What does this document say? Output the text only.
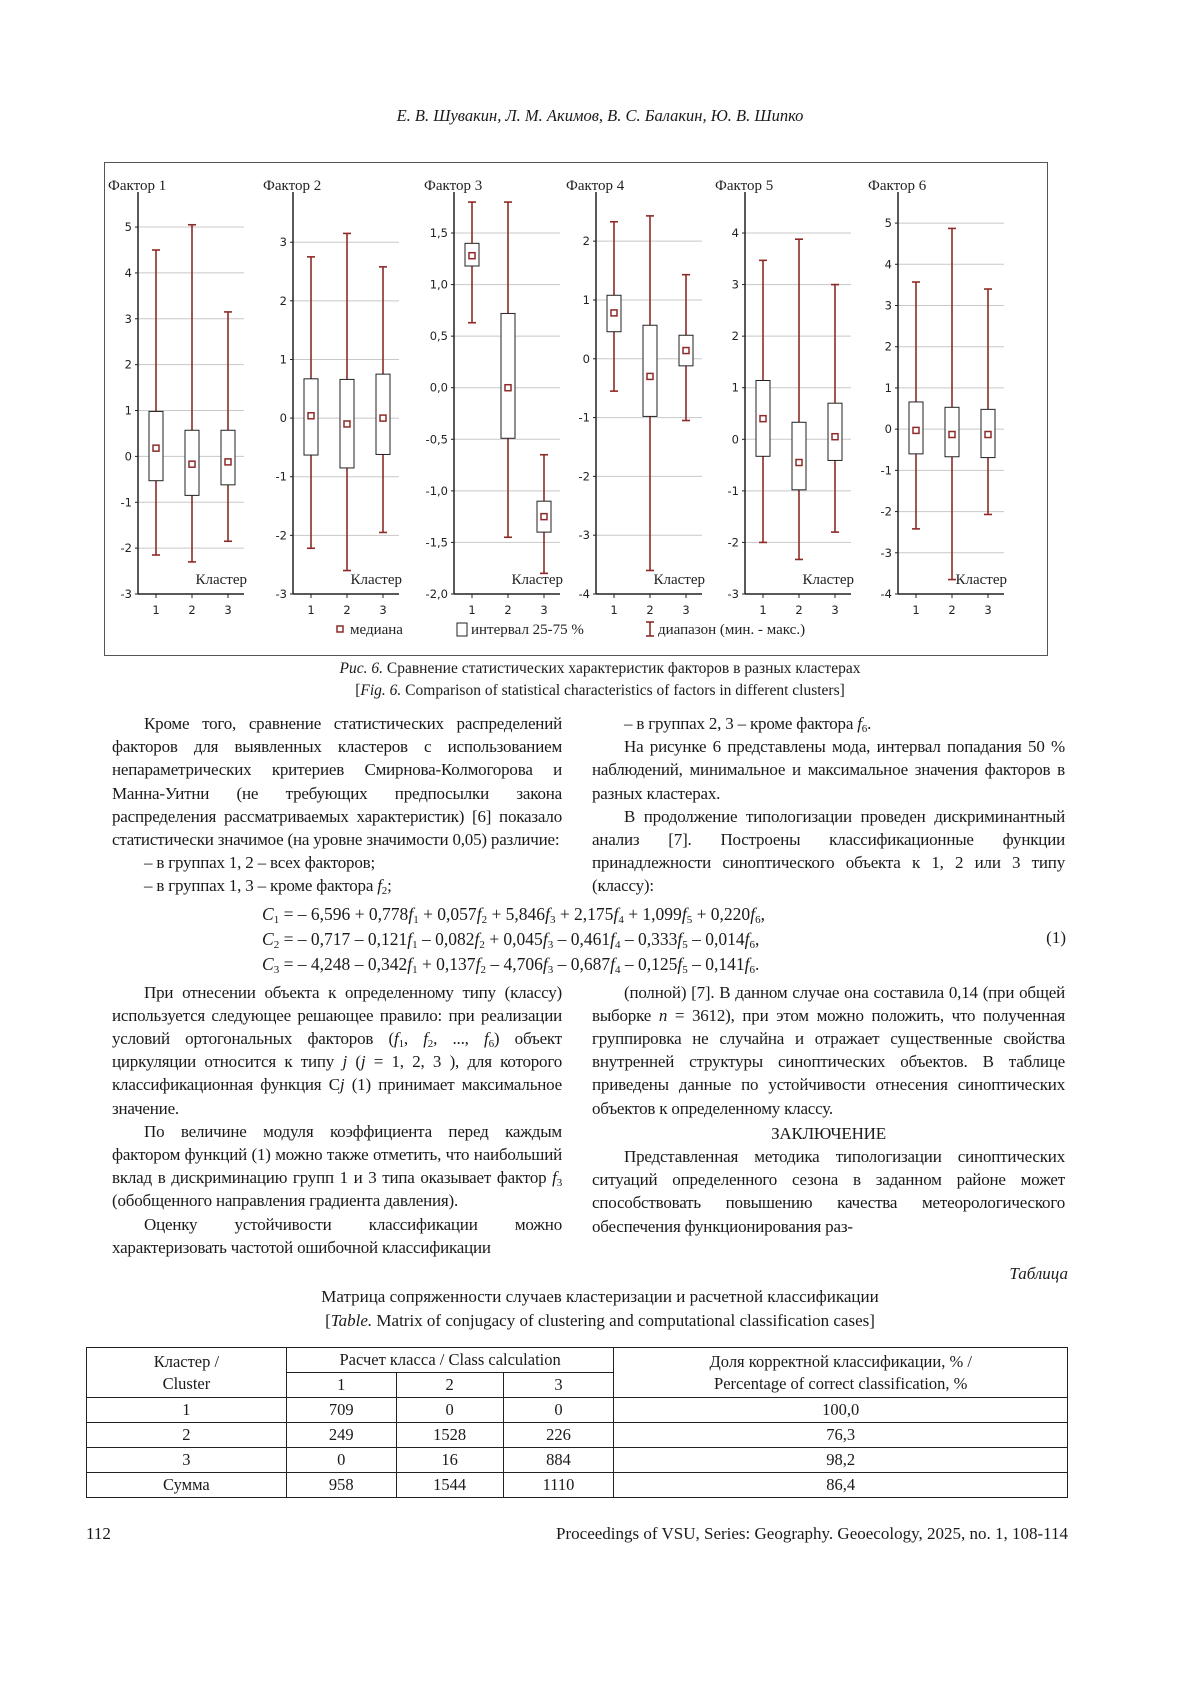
Е. В. Шувакин, Л. М. Акимов, В. С. Балакин, Ю. В. Шипко
Фактор 1
-3
-2
-1
0
1
2
3
4
5
Кластер
1 2 3
Фактор 2
-3
-2
-1
0
1
2
3
Кластер
1 2 3
Фактор 3
-2,0
-1,5
-1,0
-0,5
0,0
0,5
1,0
1,5
Кластер
1 2 3
Фактор 4
-4
-3
-2
-1
0
1
2
Кластер
1 2 3
Фактор 5
-3
-2
-1
0
1
2
3
4
Кластер
1 2 3
Фактор 6
-4
-3
-2
-1
0
1
2
3
4
5
Кластер
1 2 3
медиана	интервал 25-75 %	диапазон (мин. - макс.)
Рис. 6. Сравнение статистических характеристик факторов в разных кластерах
[Fig. 6. Comparison of statistical characteristics of factors in different clusters]

Кроме того, сравнение статистических распределений факторов для выявленных кластеров с использованием непараметрических критериев Смирнова-Колмогорова и Манна-Уитни (не требующих предпосылки закона распределения рассматриваемых характеристик) [6] показало статистически значимое (на уровне значимости 0,05) различие:

– в группах 1, 2 – всех факторов;

– в группах 1, 3 – кроме фактора f2;

– в группах 2, 3 – кроме фактора f6.

На рисунке 6 представлены мода, интервал попадания 50 % наблюдений, минимальное и максимальное значения факторов в разных кластерах.

В продолжение типологизации проведен дискриминантный анализ [7]. Построены классификационные функции принадлежности синоптического объекта к 1, 2 или 3 типу (классу):

C1 = – 6,596 + 0,778f1 + 0,057f2 + 5,846f3 + 2,175f4 + 1,099f5 + 0,220f6,
C2 = – 0,717 – 0,121f1 – 0,082f2 + 0,045f3 – 0,461f4 – 0,333f5 – 0,014f6,
C3 = – 4,248 – 0,342f1 + 0,137f2 – 4,706f3 – 0,687f4 – 0,125f5 – 0,141f6.
(1)

При отнесении объекта к определенному типу (классу) используется следующее решающее правило: при реализации условий ортогональных факторов (f1, f2, ..., f6) объект циркуляции относится к типу j (j = 1, 2, 3 ), для которого классификационная функция Cj (1) принимает максимальное значение.

По величине модуля коэффициента перед каждым фактором функций (1) можно также отметить, что наибольший вклад в дискриминацию групп 1 и 3 типа оказывает фактор f3 (обобщенного направления градиента давления).

Оценку устойчивости классификации можно характеризовать частотой ошибочной классификации

(полной) [7]. В данном случае она составила 0,14 (при общей выборке n = 3612), при этом можно положить, что полученная группировка не случайна и отражает существенные свойства внутренней структуры синоптических объектов. В таблице приведены данные по устойчивости отнесения синоптических объектов к определенному классу.

ЗАКЛЮЧЕНИЕ

Представленная методика типологизации синоптических ситуаций определенного сезона в заданном районе может способствовать повышению качества метеорологического обеспечения функционирования раз-

Таблица
Матрица сопряженности случаев кластеризации и расчетной классификации
[Table. Matrix of conjugacy of clustering and computational classification cases]
Кластер /
Cluster	Расчет класса / Class calculation	Доля корректной классификации, % /
Percentage of correct classification, %
1	2	3
1	709	0	0	100,0
2	249	1528	226	76,3
3	0	16	884	98,2
Сумма	958	1544	1110	86,4
112	Proceedings of VSU, Series: Geography. Geoecology, 2025, no. 1, 108-114
